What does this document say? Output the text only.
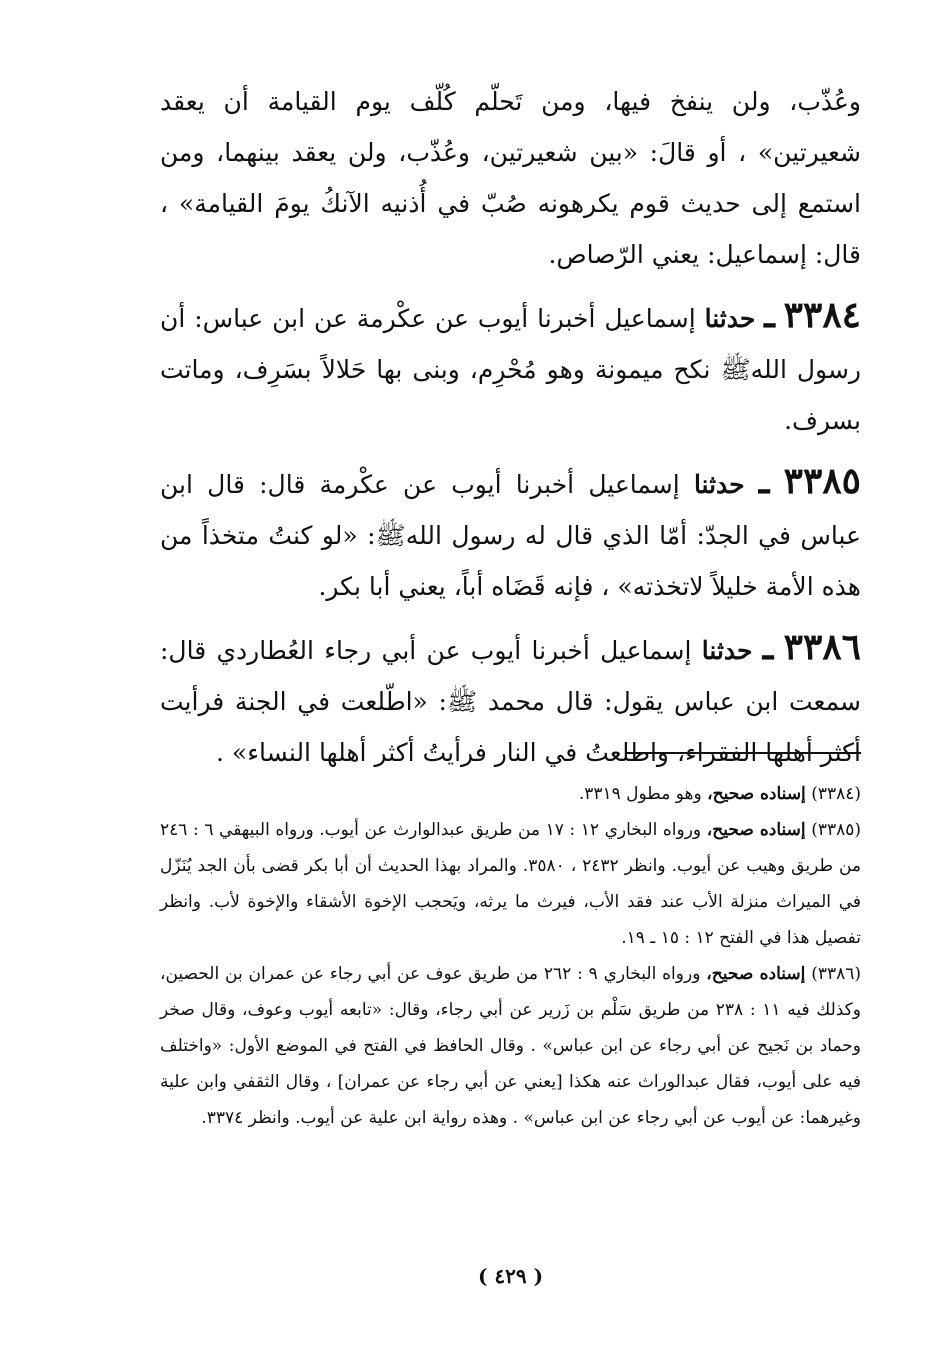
وعُذّب، ولن ينفخ فيها، ومن تَحلّم كُلّف يوم القيامة أن يعقد شعيرتين» ، أو قالَ: «بين شعيرتين، وعُذّب، ولن يعقد بينهما، ومن استمع إلى حديث قوم يكرهونه صُبّ في أُذنيه الآنكُ يومَ القيامة» ، قال: إسماعيل: يعني الرّصاص.

٣٣٨٤ ـ حدثنا إسماعيل أخبرنا أيوب عن عكْرمة عن ابن عباس: أن رسول اللهﷺ نكح ميمونة وهو مُحْرِم، وبنى بها حَلالاً بسَرِف، وماتت بسرف.

٣٣٨٥ ـ حدثنا إسماعيل أخبرنا أيوب عن عكْرمة قال: قال ابن عباس في الجدّ: أمّا الذي قال له رسول اللهﷺ: «لو كنتُ متخذاً من هذه الأمة خليلاً لاتخذته» ، فإنه قَضَاه أباً، يعني أبا بكر.

٣٣٨٦ ـ حدثنا إسماعيل أخبرنا أيوب عن أبي رجاء العُطاردي قال: سمعت ابن عباس يقول: قال محمد ﷺ: «اطّلعت في الجنة فرأيت أكثر أهلها الفقراء، واطلعتُ في النار فرأيتُ أكثر أهلها النساء» .

(٣٣٨٤) إسناده صحيح، وهو مطول ٣٣١٩.

(٣٣٨٥) إسناده صحيح، ورواه البخاري ١٢ : ١٧ من طريق عبدالوارث عن أيوب. ورواه البيهقي ٦ : ٢٤٦ من طريق وهيب عن أيوب. وانظر ٢٤٣٢ ، ٣٥٨٠. والمراد بهذا الحديث أن أبا بكر قضى بأن الجد يُنَزّل في الميراث منزلة الأب عند فقد الأب، فيرث ما يرثه، ويَحجب الإخوة الأشقاء والإخوة لأب. وانظر تفصيل هذا في الفتح ١٢ : ١٥ ـ ١٩.

(٣٣٨٦) إسناده صحيح، ورواه البخاري ٩ : ٢٦٢ من طريق عوف عن أبي رجاء عن عمران بن الحصين، وكذلك فيه ١١ : ٢٣٨ من طريق سَلْم بن زَرير عن أبي رجاء، وقال: «تابعه أيوب وعوف، وقال صخر وحماد بن نَجيح عن أبي رجاء عن ابن عباس» . وقال الحافظ في الفتح في الموضع الأول: «واختلف فيه على أيوب، فقال عبدالوراث عنه هكذا [يعني عن أبي رجاء عن عمران] ، وقال الثقفي وابن علية وغيرهما: عن أيوب عن أبي رجاء عن ابن عباس» . وهذه رواية ابن علية عن أيوب. وانظر ٣٣٧٤.

( ٤٢٩ )
